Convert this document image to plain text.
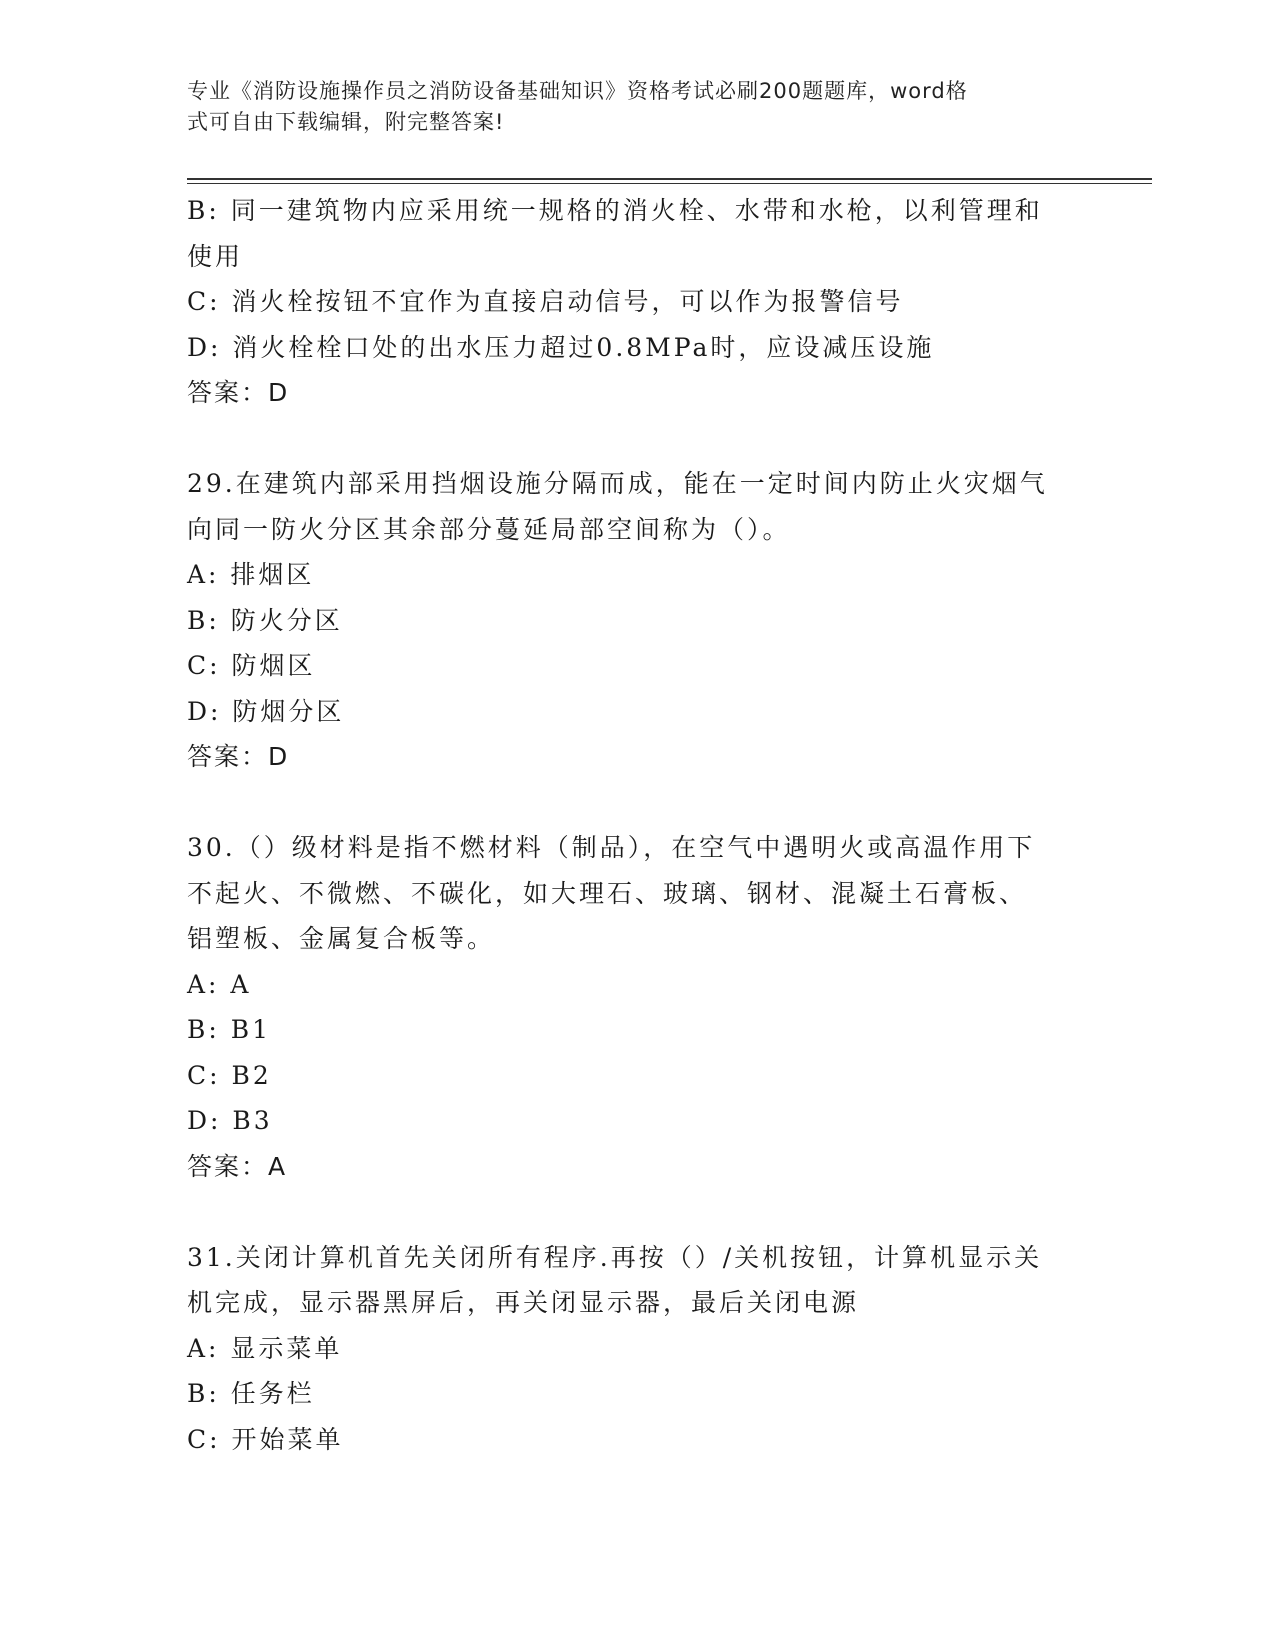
专业《消防设施操作员之消防设备基础知识》资格考试必刷200题题库，word格
式可自由下载编辑，附完整答案!
B: 同一建筑物内应采用统一规格的消火栓、水带和水枪，以利管理和
使用
C: 消火栓按钮不宜作为直接启动信号，可以作为报警信号
D: 消火栓栓口处的出水压力超过0.8MPa时，应设减压设施
答案：D
29.在建筑内部采用挡烟设施分隔而成，能在一定时间内防止火灾烟气
向同一防火分区其余部分蔓延局部空间称为（）。
A: 排烟区
B: 防火分区
C: 防烟区
D: 防烟分区
答案：D
30.（）级材料是指不燃材料（制品），在空气中遇明火或高温作用下
不起火、不微燃、不碳化，如大理石、玻璃、钢材、混凝土石膏板、
铝塑板、金属复合板等。
A: A
B: B1
C: B2
D: B3
答案：A
31.关闭计算机首先关闭所有程序.再按（）/关机按钮，计算机显示关
机完成，显示器黑屏后，再关闭显示器，最后关闭电源
A: 显示菜单
B: 任务栏
C: 开始菜单
